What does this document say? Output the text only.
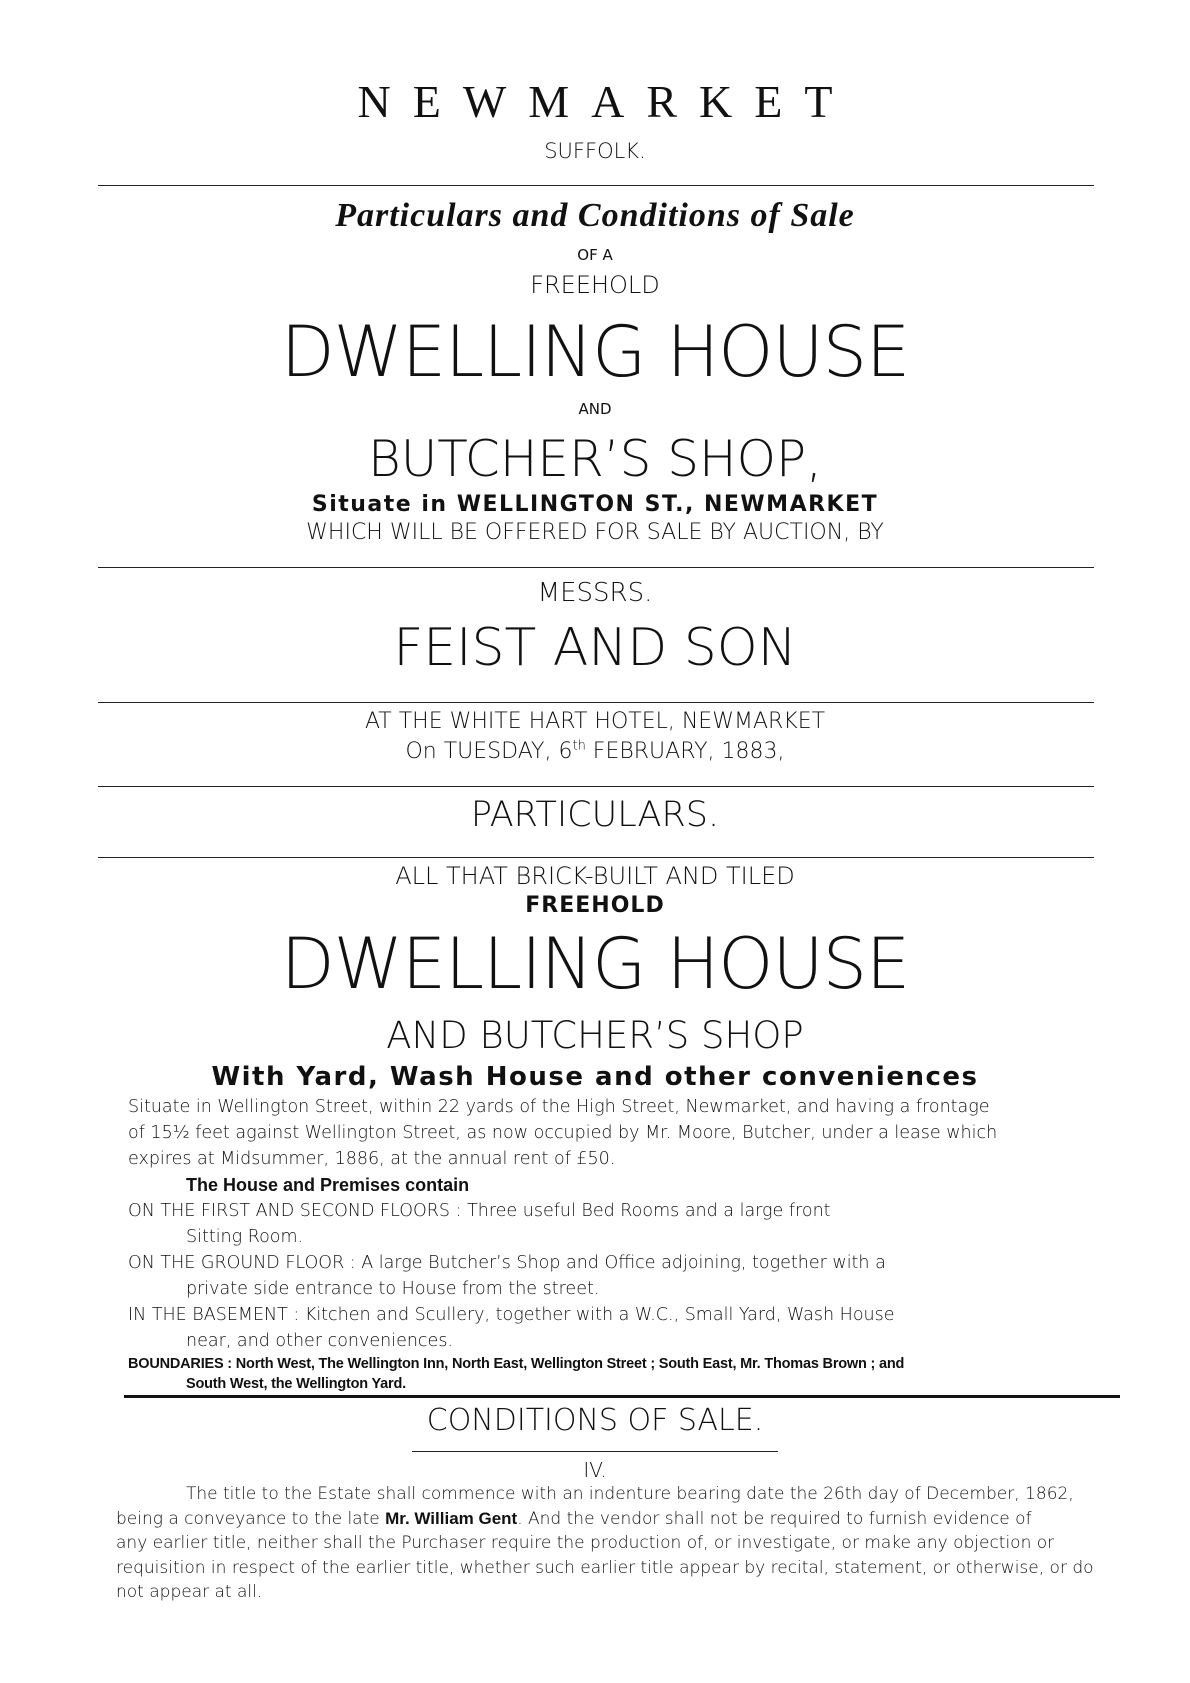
NEWMARKET
SUFFOLK.
Particulars and Conditions of Sale
OF A
FREEHOLD
DWELLING HOUSE
AND
BUTCHER’S SHOP,
Situate in WELLINGTON ST., NEWMARKET
WHICH WILL BE OFFERED FOR SALE BY AUCTION, BY
MESSRS.
FEIST AND SON
AT THE WHITE HART HOTEL, NEWMARKET
On TUESDAY, 6th FEBRUARY, 1883,
PARTICULARS.
ALL THAT BRICK-BUILT AND TILED
FREEHOLD
DWELLING HOUSE
AND BUTCHER’S SHOP
With Yard, Wash House and other conveniences
Situate in Wellington Street, within 22 yards of the High Street, Newmarket, and having a frontage
of 15½ feet against Wellington Street, as now occupied by Mr. Moore, Butcher, under a lease which
expires at Midsummer, 1886, at the annual rent of £50.
The House and Premises contain
ON THE FIRST AND SECOND FLOORS : Three useful Bed Rooms and a large front
Sitting Room.
ON THE GROUND FLOOR : A large Butcher’s Shop and Office adjoining, together with a
private side entrance to House from the street.
IN THE BASEMENT : Kitchen and Scullery, together with a W.C., Small Yard, Wash House
near, and other conveniences.
BOUNDARIES : North West, The Wellington Inn, North East, Wellington Street ; South East, Mr. Thomas Brown ; and
South West, the Wellington Yard.
CONDITIONS OF SALE.
IV.
The title to the Estate shall commence with an indenture bearing date the 26th day of December, 1862,
being a conveyance to the late Mr. William Gent. And the vendor shall not be required to furnish evidence of
any earlier title, neither shall the Purchaser require the production of, or investigate, or make any objection or
requisition in respect of the earlier title, whether such earlier title appear by recital, statement, or otherwise, or do
not appear at all.
